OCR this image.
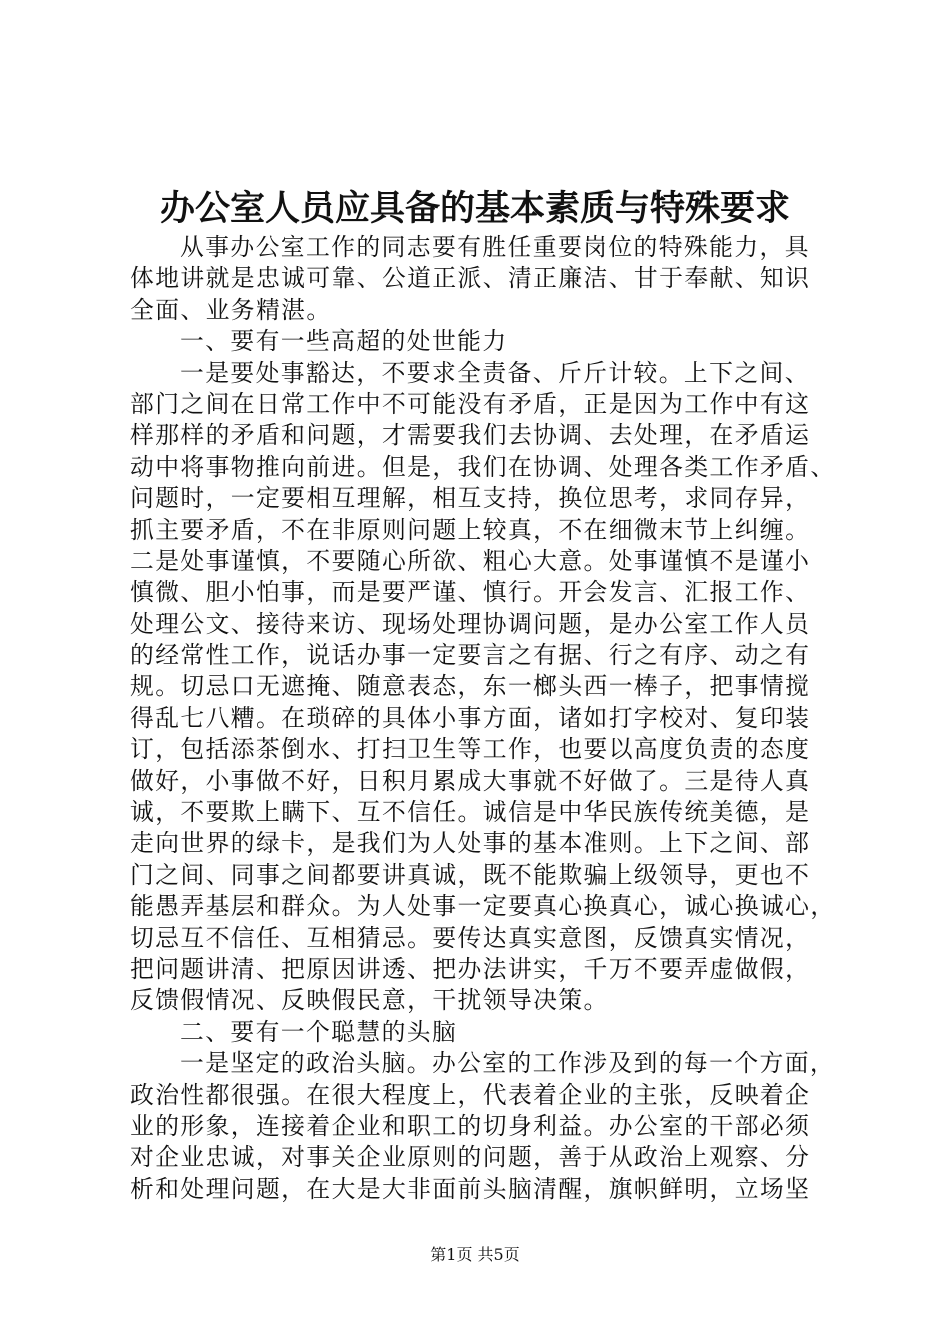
办公室人员应具备的基本素质与特殊要求
从事办公室工作的同志要有胜任重要岗位的特殊能力，具
体地讲就是忠诚可靠、公道正派、清正廉洁、甘于奉献、知识
全面、业务精湛。
一、要有一些高超的处世能力
一是要处事豁达，不要求全责备、斤斤计较。上下之间、
部门之间在日常工作中不可能没有矛盾，正是因为工作中有这
样那样的矛盾和问题，才需要我们去协调、去处理，在矛盾运
动中将事物推向前进。但是，我们在协调、处理各类工作矛盾、
问题时，一定要相互理解，相互支持，换位思考，求同存异，
抓主要矛盾，不在非原则问题上较真，不在细微末节上纠缠。
二是处事谨慎，不要随心所欲、粗心大意。处事谨慎不是谨小
慎微、胆小怕事，而是要严谨、慎行。开会发言、汇报工作、
处理公文、接待来访、现场处理协调问题，是办公室工作人员
的经常性工作，说话办事一定要言之有据、行之有序、动之有
规。切忌口无遮掩、随意表态，东一榔头西一棒子，把事情搅
得乱七八糟。在琐碎的具体小事方面，诸如打字校对、复印装
订，包括添茶倒水、打扫卫生等工作，也要以高度负责的态度
做好，小事做不好，日积月累成大事就不好做了。三是待人真
诚，不要欺上瞒下、互不信任。诚信是中华民族传统美德，是
走向世界的绿卡，是我们为人处事的基本准则。上下之间、部
门之间、同事之间都要讲真诚，既不能欺骗上级领导，更也不
能愚弄基层和群众。为人处事一定要真心换真心，诚心换诚心，
切忌互不信任、互相猜忌。要传达真实意图，反馈真实情况，
把问题讲清、把原因讲透、把办法讲实，千万不要弄虚做假，
反馈假情况、反映假民意，干扰领导决策。
二、要有一个聪慧的头脑
一是坚定的政治头脑。办公室的工作涉及到的每一个方面，
政治性都很强。在很大程度上，代表着企业的主张，反映着企
业的形象，连接着企业和职工的切身利益。办公室的干部必须
对企业忠诚，对事关企业原则的问题，善于从政治上观察、分
析和处理问题，在大是大非面前头脑清醒，旗帜鲜明，立场坚
第1页 共5页
